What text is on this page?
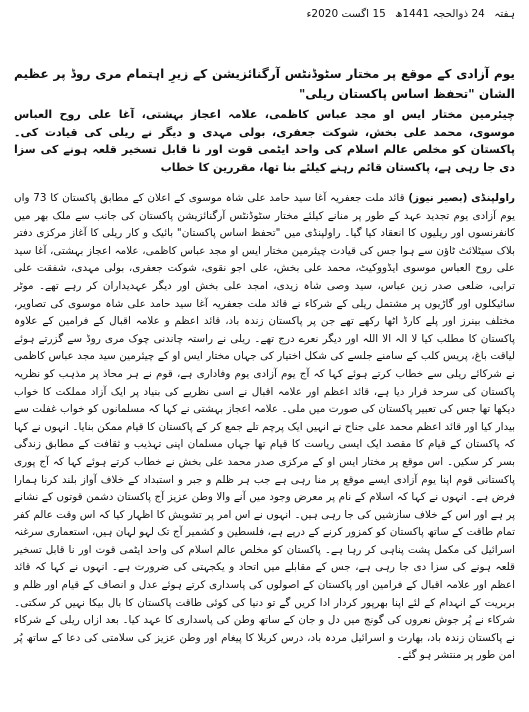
ہفتہ 24 ذوالحجہ 1441ھ 15 اگست 2020ء
یوم آزادی کے موقع پر مختار سٹوڈنٹس آرگنائزیشن کے زیرِ اہتمام مری روڈ پر عظیم الشان "تحفظ اساس پاکستان ریلی"
چیئرمین مختار ایس او مجد عباس کاظمی، علامہ اعجاز بہشتی، آغا علی روح العباس موسوی، محمد علی بخش، شوکت جعفری، بولی مہدی و دیگر نے ریلی کی قیادت کی۔ پاکستان کو مخلص عالم اسلام کی واحد ایٹمی قوت اور نا قابل تسخیر قلعہ ہونے کی سزا دی جا رہی ہے، پاکستان قائم رہنے کیلئے بنا تھا، مقررین کا خطاب
راولپنڈی (بصیر نیوز) قائد ملت جعفریہ آغا سید حامد علی شاہ موسوی کے اعلان کے مطابق پاکستان کا 73 واں یوم آزادی یوم تجدید عہد کے طور پر منانے کیلئے مختار سٹوڈنٹس آرگنائزیشن پاکستان کی جانب سے ملک بھر میں کانفرنسوں اور ریلیوں کا انعقاد کیا گیا۔ راولپنڈی میں "تحفظ اساس پاکستان" بائیک و کار ریلی کا آغاز مرکزی دفتر بلاک سیٹلائٹ ٹاؤن سے ہوا جس کی قیادت چیئرمین مختار ایس او مجد عباس کاظمی، علامہ اعجاز بہشتی، آغا سید علی روح العباس موسوی ایڈووکیٹ، محمد علی بخش، علی اجو نقوی، شوکت جعفری، بولی مہدی، شفقت علی ترابی، ضلعی صدر زین عباس، سید وصی شاہ زیدی، امجد علی بخش اور دیگر عہدیداران کر رہے تھے۔ موٹر سائیکلوں اور گاڑیوں پر مشتمل ریلی کے شرکاء نے قائد ملت جعفریہ آغا سید حامد علی شاہ موسوی کی تصاویر، مختلف بینرز اور پلے کارڈ اٹھا رکھے تھے جن پر پاکستان زندہ باد، قائد اعظم و علامہ اقبال کے فرامین کے علاوہ پاکستان کا مطلب کیا لا الہ الا اللہ اور دیگر نعرے درج تھے۔ ریلی نے راستہ چاندنی چوک مری روڈ سے گزرتے ہوئے لیاقت باغ، پریس کلب کے سامنے جلسے کی شکل اختیار کی جہاں مختار ایس او کے چیئرمین سید مجد عباس کاظمی نے شرکائے ریلی سے خطاب کرتے ہوئے کہا کہ آج یوم آزادی یوم وفاداری ہے، قوم نے ہر محاذ پر مذہب کو نظریہ پاکستان کی سرحد قرار دیا ہے، قائد اعظم اور علامہ اقبال نے اسی نظریے کی بنیاد پر ایک آزاد مملکت کا خواب دیکھا تھا جس کی تعبیر پاکستان کی صورت میں ملی۔ علامہ اعجاز بہشتی نے کہا کہ مسلمانوں کو خواب غفلت سے بیدار کیا اور قائد اعظم محمد علی جناح نے انہیں ایک پرچم تلے جمع کر کے پاکستان کا قیام ممکن بنایا۔ انہوں نے کہا کہ پاکستان کے قیام کا مقصد ایک ایسی ریاست کا قیام تھا جہاں مسلمان اپنی تہذیب و ثقافت کے مطابق زندگی بسر کر سکیں۔ اس موقع پر مختار ایس او کے مرکزی صدر محمد علی بخش نے خطاب کرتے ہوئے کہا کہ آج پوری پاکستانی قوم اپنا یوم آزادی ایسے موقع پر منا رہی ہے جب ہر ظلم و جبر و استبداد کے خلاف آواز بلند کرنا ہمارا فرض ہے۔ انہوں نے کہا کہ اسلام کے نام پر معرض وجود میں آنے والا وطن عزیز آج پاکستان دشمن قوتوں کے نشانے پر ہے اور اس کے خلاف سازشیں کی جا رہی ہیں۔ انہوں نے اس امر پر تشویش کا اظہار کیا کہ اس وقت عالم کفر تمام طاقت کے ساتھ پاکستان کو کمزور کرنے کے درپے ہے، فلسطین و کشمیر آج تک لہو لہان ہیں، استعماری سرغنہ اسرائیل کی مکمل پشت پناہی کر رہا ہے۔ پاکستان کو مخلص عالم اسلام کی واحد ایٹمی قوت اور نا قابل تسخیر قلعہ ہونے کی سزا دی جا رہی ہے، جس کے مقابلے میں اتحاد و یکجہتی کی ضرورت ہے۔ انہوں نے کہا کہ قائد اعظم اور علامہ اقبال کے فرامین اور پاکستان کے اصولوں کی پاسداری کرتے ہوئے عدل و انصاف کے قیام اور ظلم و بربریت کے انہدام کے لئے اپنا بھرپور کردار ادا کریں گے تو دنیا کی کوئی طاقت پاکستان کا بال بیکا نہیں کر سکتی۔ شرکاء نے پُر جوش نعروں کی گونج میں دل و جان کے ساتھ وطن کی پاسداری کا عہد کیا۔ بعد ازاں ریلی کے شرکاء نے پاکستان زندہ باد، بھارت و اسرائیل مردہ باد، درس کربلا کا پیغام اور وطن عزیز کی سلامتی کی دعا کے ساتھ پُر امن طور پر منتشر ہو گئے۔
